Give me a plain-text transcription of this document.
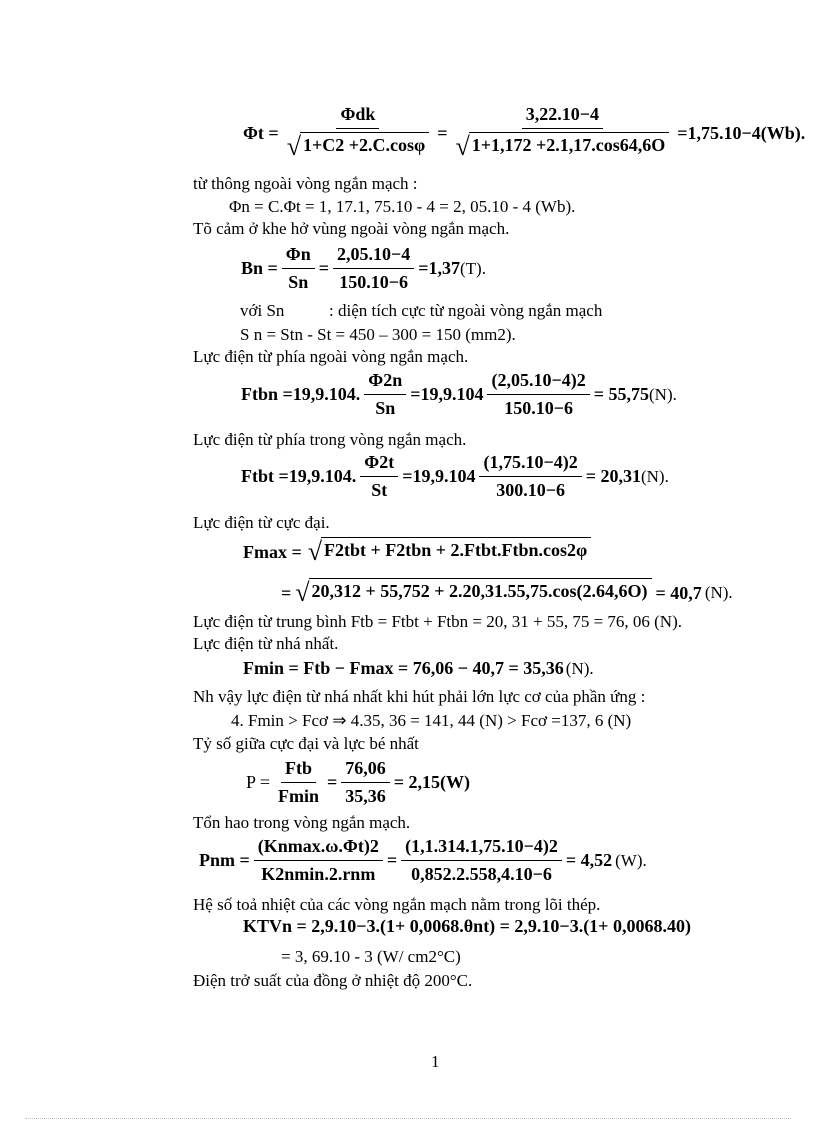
$\Phi t = \frac{\text{Φdk}}{√ 1+C2 +2.C.\cos\varphi} = \frac{3,22.10-4}{√ 1+1,172 +2.1,17.\cos 64,6O} =1,75.10-4(Wb)$.
từ thông ngoài vòng ngắn mạch :
Φn = C.Φt = 1, 17.1, 75.10 - 4 = 2, 05.10 - 4 (Wb).
Tõ cảm ở khe hở vùng ngoài vòng ngắn mạch.
$Bn = \frac{\Phi n}{Sn} = \frac{2,05.10-4}{150.10-6} =1,37$ (T).
với Sn	: diện tích cực từ ngoài vòng ngắn mạch
S n = Stn - St = 450 – 300 = 150 (mm2).
Lực điện từ phía ngoài vòng ngắn mạch.
Ftbn =19,9.104. $\frac{\Phi 2n}{Sn} =19,9.104 \frac{(2,05.10-4)2}{150.10-6} = 55,75$ (N).
Lực điện từ phía trong vòng ngắn mạch.
Ftbt =19,9.104. $\frac{\Phi 2t}{St} =19,9.104 \frac{(1,75.10-4)2}{300.10-6} = 20,31$ (N).
Lực điện từ cực đại.
Fmax = √ F2tbt + F2tbn + 2.Ftbt.Ftbn.cos2φ
= √ 20,312 + 55,752 + 2.20,31.55,75.cos(2.64,6O) = 40,7 (N).
Lực điện từ trung bình Ftb = Ftbt + Ftbn = 20, 31 + 55, 75 = 76, 06 (N).
Lực điện từ nhá nhất.
Fmin = Ftb − Fmax = 76,06 − 40,7 = 35,36 (N).
Nh vậy lực điện từ nhá nhất khi hút phải lớn lực cơ của phần ứng :
4. Fmin > Fcơ ⇒ 4.35, 36 = 141, 44 (N) > Fcơ =137, 6 (N)
Tỷ số giữa cực đại và lực bé nhất
$P = \frac{\text{Ftb}}{Fmin} = \frac{76,06}{35,36} = 2,15(W)$
Tổn hao trong vòng ngắn mạch.
Pnm = $\frac{(Knmax.\omega.\Phi t)2}{\text{K2nmin.2.rnm}} = \frac{(1,1.314.1,75.10-4)2}{0,852.2.558,4.10-6} = 4,52$ (W).
Hệ số toả nhiệt của các vòng ngắn mạch nằm trong lõi thép.
KTVn = 2,9.10−3.(1+ 0,0068.θnt) = 2,9.10−3.(1+ 0,0068.40)
= 3, 69.10 - 3 (W/ cm2°C)
Điện trở suất của đồng ở nhiệt độ 200°C.
1
